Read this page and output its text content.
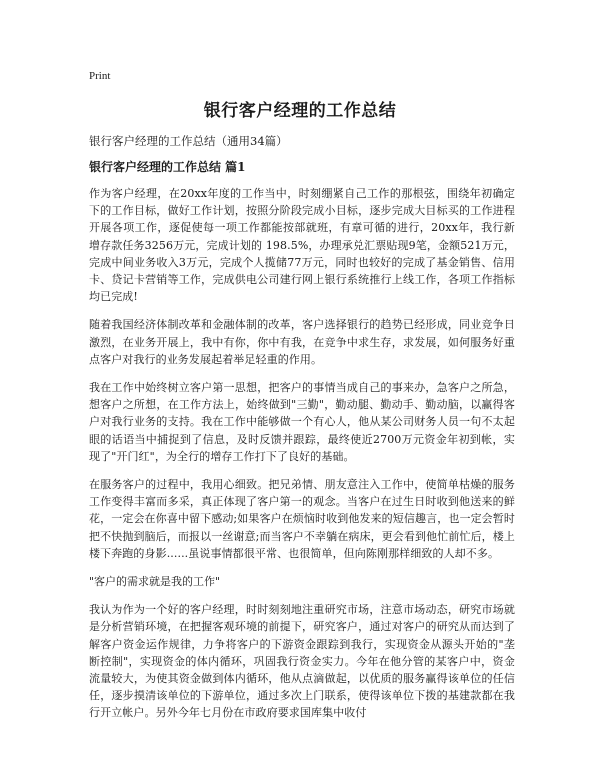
Print
银行客户经理的工作总结
银行客户经理的工作总结（通用34篇）
银行客户经理的工作总结 篇1

作为客户经理，在20xx年度的工作当中，时刻绷紧自己工作的那根弦，围绕年初确定下的工作目标，做好工作计划，按照分阶段完成小目标，逐步完成大目标买的工作进程开展各项工作，逐促使每一项工作都能按部就班，有章可循的进行，20xx年，我行新增存款任务3256万元，完成计划的 198.5%，办理承兑汇票贴现9笔，金额521万元，完成中间业务收入3万元，完成个人揽储77万元，同时也较好的完成了基金销售、信用卡、贷记卡营销等工作，完成供电公司建行网上银行系统推行上线工作，各项工作指标均已完成!

随着我国经济体制改革和金融体制的改革，客户选择银行的趋势已经形成，同业竞争日激烈，在业务开展上，我中有你，你中有我，在竞争中求生存，求发展，如何服务好重点客户对我行的业务发展起着举足轻重的作用。

我在工作中始终树立客户第一思想，把客户的事情当成自己的事来办，急客户之所急，想客户之所想，在工作方法上，始终做到"三勤"，勤动腿、勤动手、勤动脑，以赢得客户对我行业务的支持。我在工作中能够做一个有心人，他从某公司财务人员一句不太起眼的话语当中捕捉到了信息，及时反馈并跟踪，最终使近2700万元资金年初到帐，实现了"开门红"，为全行的增存工作打下了良好的基础。

在服务客户的过程中，我用心细致。把兄弟情、朋友意注入工作中，使简单枯燥的服务工作变得丰富而多采，真正体现了客户第一的观念。当客户在过生日时收到他送来的鲜花，一定会在你喜中留下感动;如果客户在烦恼时收到他发来的短信趣言，也一定会暂时把不快抛到脑后，而报以一丝谢意;而当客户不幸躺在病床，更会看到他忙前忙后，楼上楼下奔跑的身影......虽说事情都很平常、也很简单，但向陈刚那样细致的人却不多。

"客户的需求就是我的工作"

我认为作为一个好的客户经理，时时刻刻地注重研究市场，注意市场动态，研究市场就是分析营销环境，在把握客观环境的前提下，研究客户，通过对客户的研究从而达到了解客户资金运作规律，力争将客户的下游资金跟踪到我行，实现资金从源头开始的"垄断控制"，实现资金的体内循环，巩固我行资金实力。今年在他分管的某客户中，资金流量较大，为使其资金做到体内循环，他从点滴做起，以优质的服务赢得该单位的任信任，逐步摸清该单位的下游单位，通过多次上门联系，使得该单位下拨的基建款都在我行开立帐户。另外今年七月份在市政府要求国库集中收付
